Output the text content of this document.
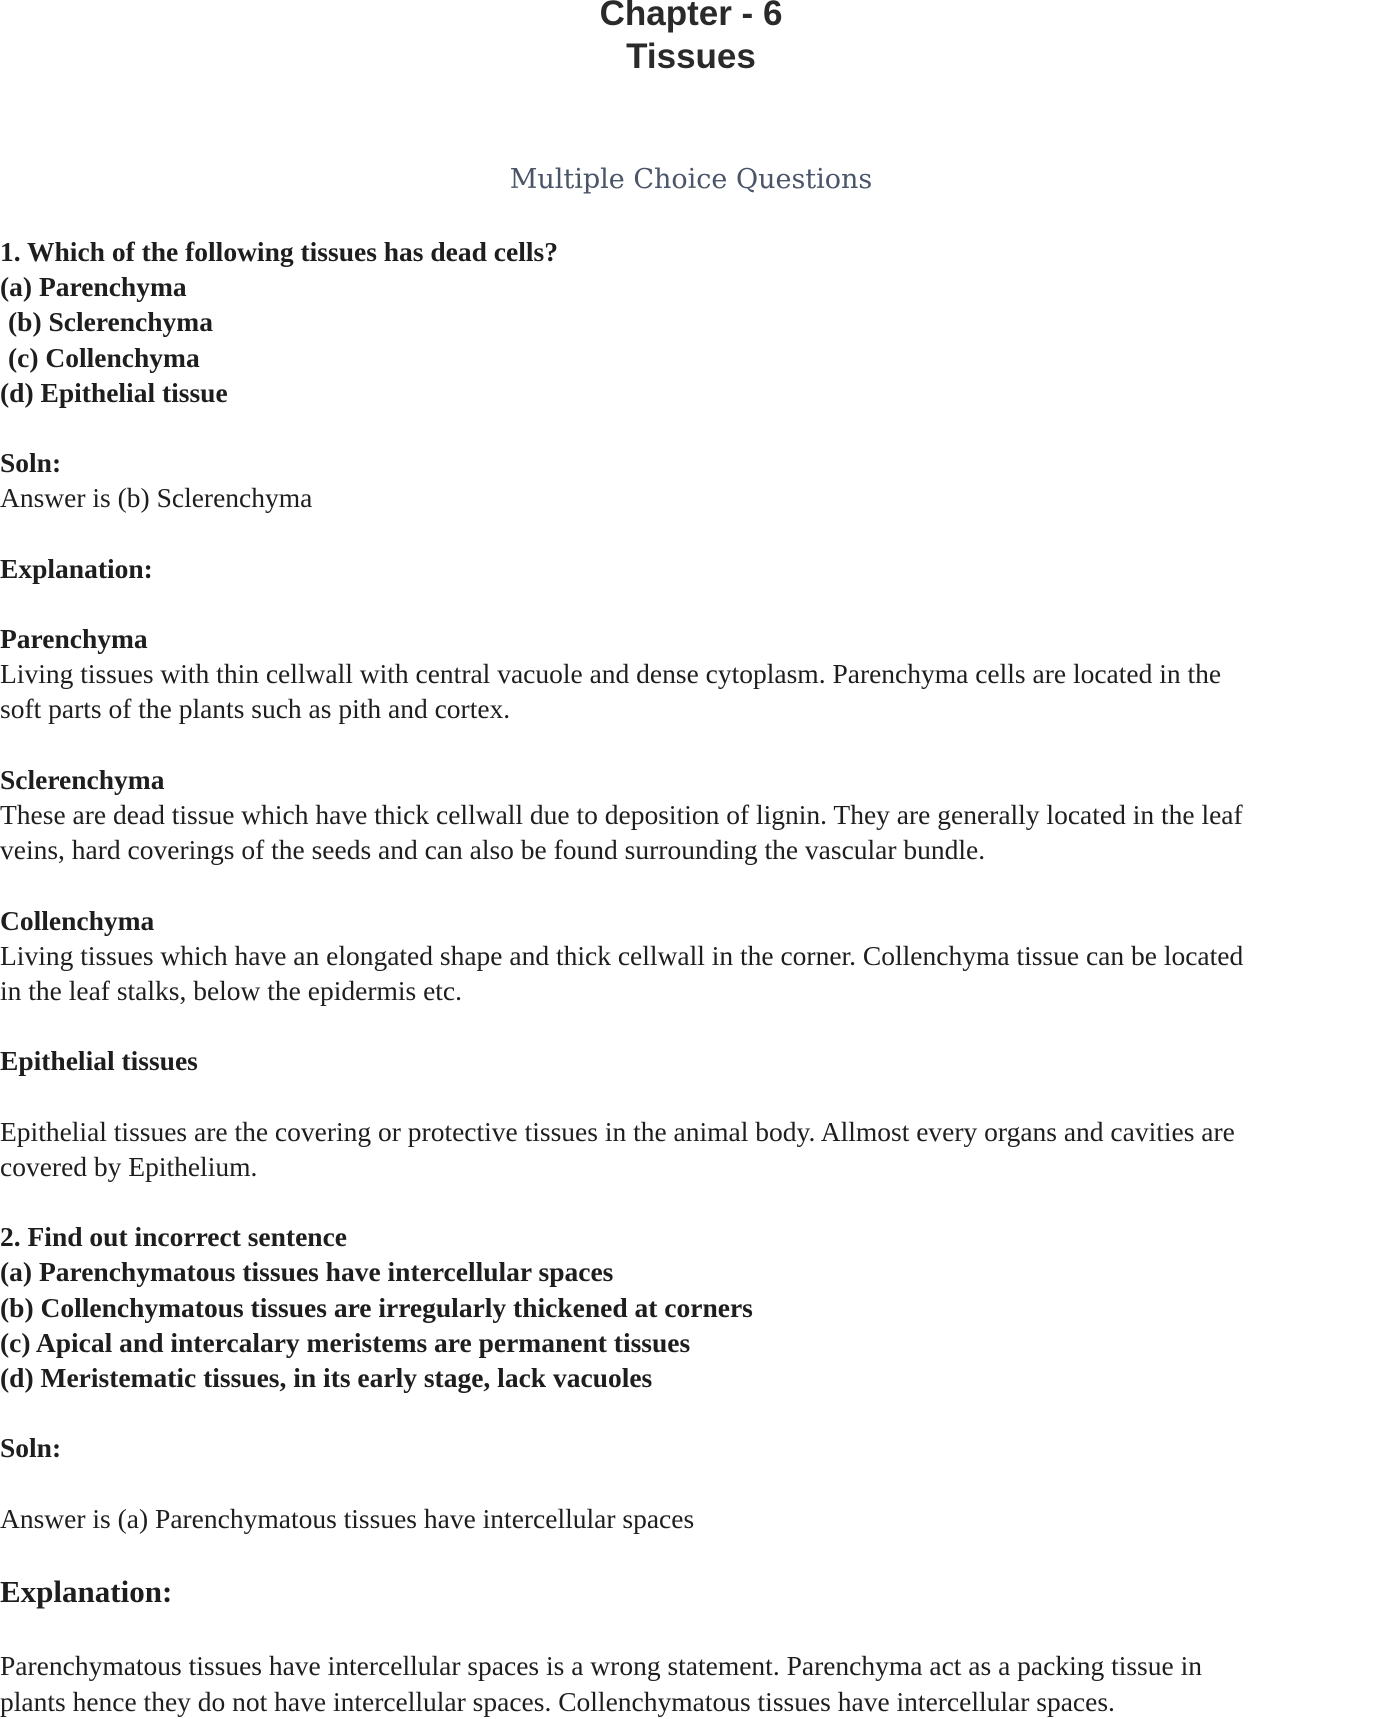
Chapter - 6
Tissues
Multiple Choice Questions
1. Which of the following tissues has dead cells?
(a) Parenchyma
(b) Sclerenchyma
(c) Collenchyma
(d) Epithelial tissue
Soln:
Answer is (b) Sclerenchyma
Explanation:
Parenchyma
Living tissues with thin cellwall with central vacuole and dense cytoplasm. Parenchyma cells are located in the
soft parts of the plants such as pith and cortex.
Sclerenchyma
These are dead tissue which have thick cellwall due to deposition of lignin. They are generally located in the leaf
veins, hard coverings of the seeds and can also be found surrounding the vascular bundle.
Collenchyma
Living tissues which have an elongated shape and thick cellwall in the corner. Collenchyma tissue can be located
in the leaf stalks, below the epidermis etc.
Epithelial tissues
Epithelial tissues are the covering or protective tissues in the animal body. Allmost every organs and cavities are
covered by Epithelium.
2. Find out incorrect sentence
(a) Parenchymatous tissues have intercellular spaces
(b) Collenchymatous tissues are irregularly thickened at corners
(c) Apical and intercalary meristems are permanent tissues
(d) Meristematic tissues, in its early stage, lack vacuoles
Soln:
Answer is (a) Parenchymatous tissues have intercellular spaces
Explanation:
Parenchymatous tissues have intercellular spaces is a wrong statement. Parenchyma act as a packing tissue in
plants hence they do not have intercellular spaces. Collenchymatous tissues have intercellular spaces.
